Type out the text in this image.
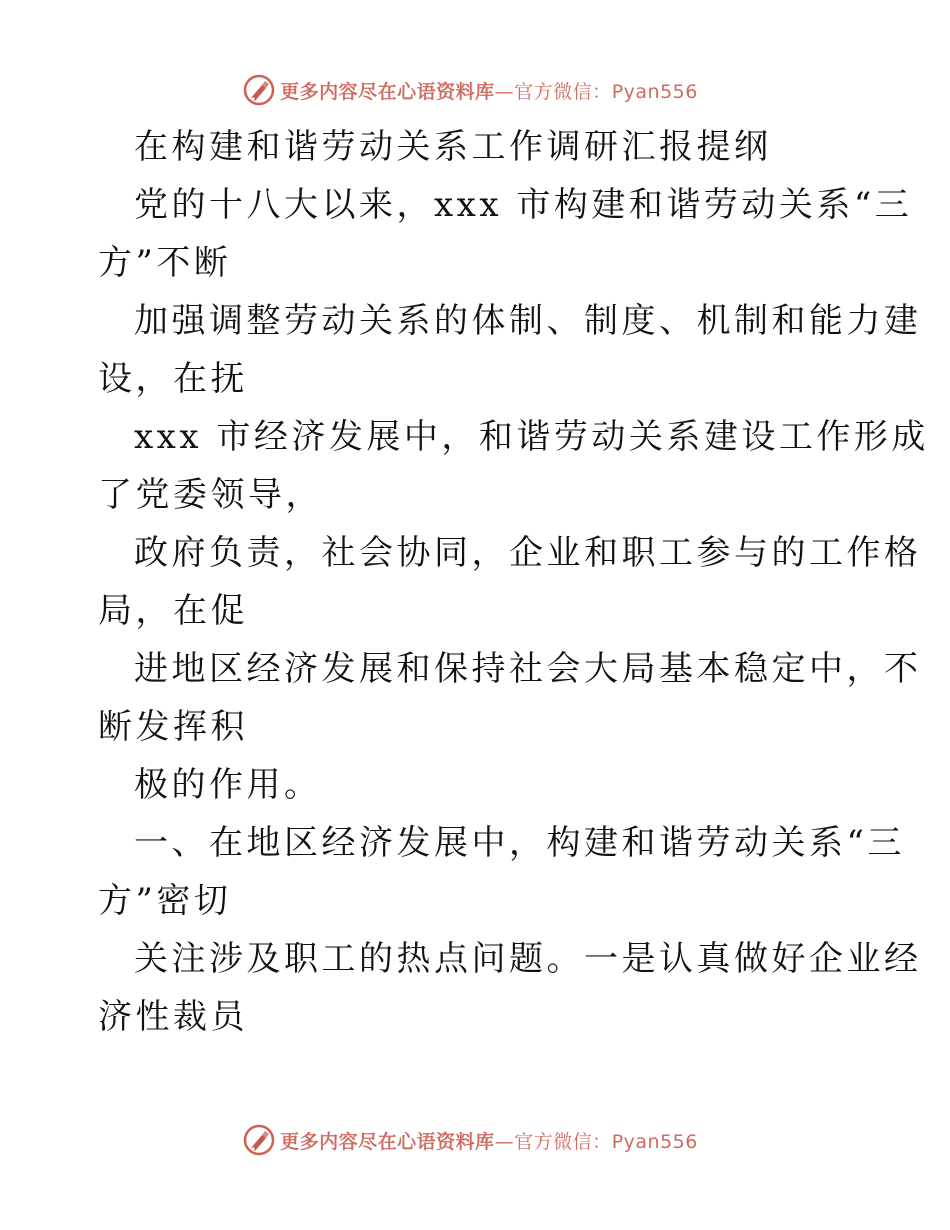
更多内容尽在心语资料库—官方微信：Pyan556
在构建和谐劳动关系工作调研汇报提纲
党的十八大以来，xxx 市构建和谐劳动关系“三
方”不断
加强调整劳动关系的体制、制度、机制和能力建
设，在抚
xxx 市经济发展中，和谐劳动关系建设工作形成
了党委领导，
政府负责，社会协同，企业和职工参与的工作格
局，在促
进地区经济发展和保持社会大局基本稳定中，不
断发挥积
极的作用。
一、在地区经济发展中，构建和谐劳动关系“三
方”密切
关注涉及职工的热点问题。一是认真做好企业经
济性裁员
更多内容尽在心语资料库—官方微信：Pyan556
